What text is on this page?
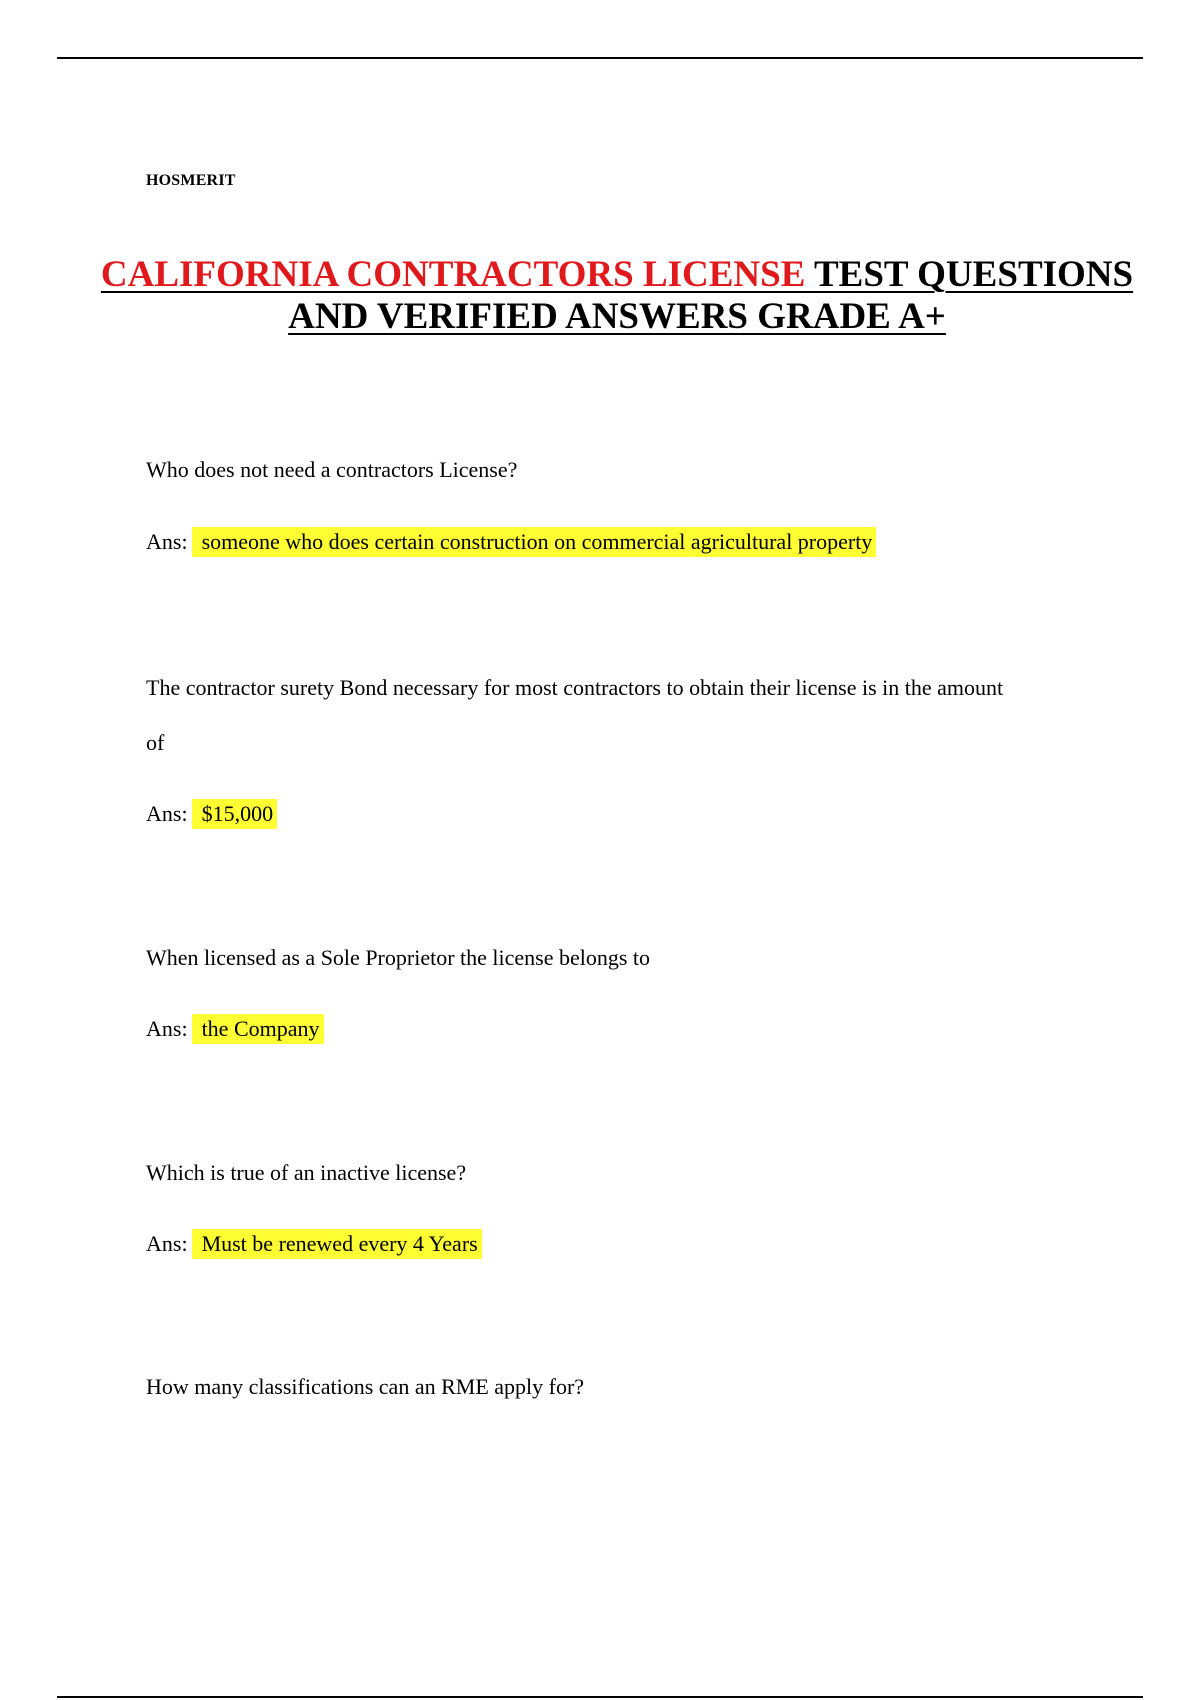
HOSMERIT
CALIFORNIA CONTRACTORS LICENSE TEST QUESTIONS AND VERIFIED ANSWERS GRADE A+
Who does not need a contractors License?
Ans: someone who does certain construction on commercial agricultural property
The contractor surety Bond necessary for most contractors to obtain their license is in the amount
of
Ans: $15,000
When licensed as a Sole Proprietor the license belongs to
Ans: the Company
Which is true of an inactive license?
Ans: Must be renewed every 4 Years
How many classifications can an RME apply for?
